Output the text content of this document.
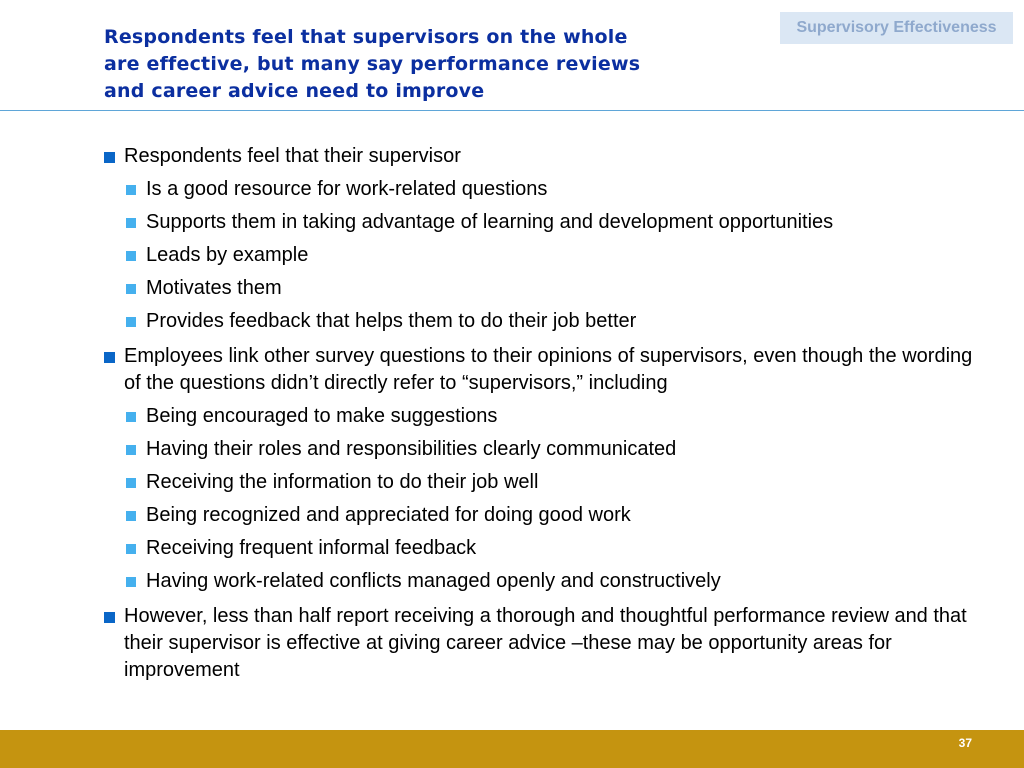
Supervisory Effectiveness
Respondents feel that supervisors on the whole
are effective, but many say performance reviews
and career advice need to improve
Respondents feel that their supervisor
Is a good resource for work-related questions
Supports them in taking advantage of learning and development opportunities
Leads by example
Motivates them
Provides feedback that helps them to do their job better
Employees link other survey questions to their opinions of supervisors, even though the wording of the questions didn’t directly refer to “supervisors,” including
Being encouraged to make suggestions
Having their roles and responsibilities clearly communicated
Receiving the information to do their job well
Being recognized and appreciated for doing good work
Receiving frequent informal feedback
Having work-related conflicts managed openly and constructively
However, less than half report receiving a thorough and thoughtful performance review and that their supervisor is effective at giving career advice –these may be opportunity areas for improvement
37
